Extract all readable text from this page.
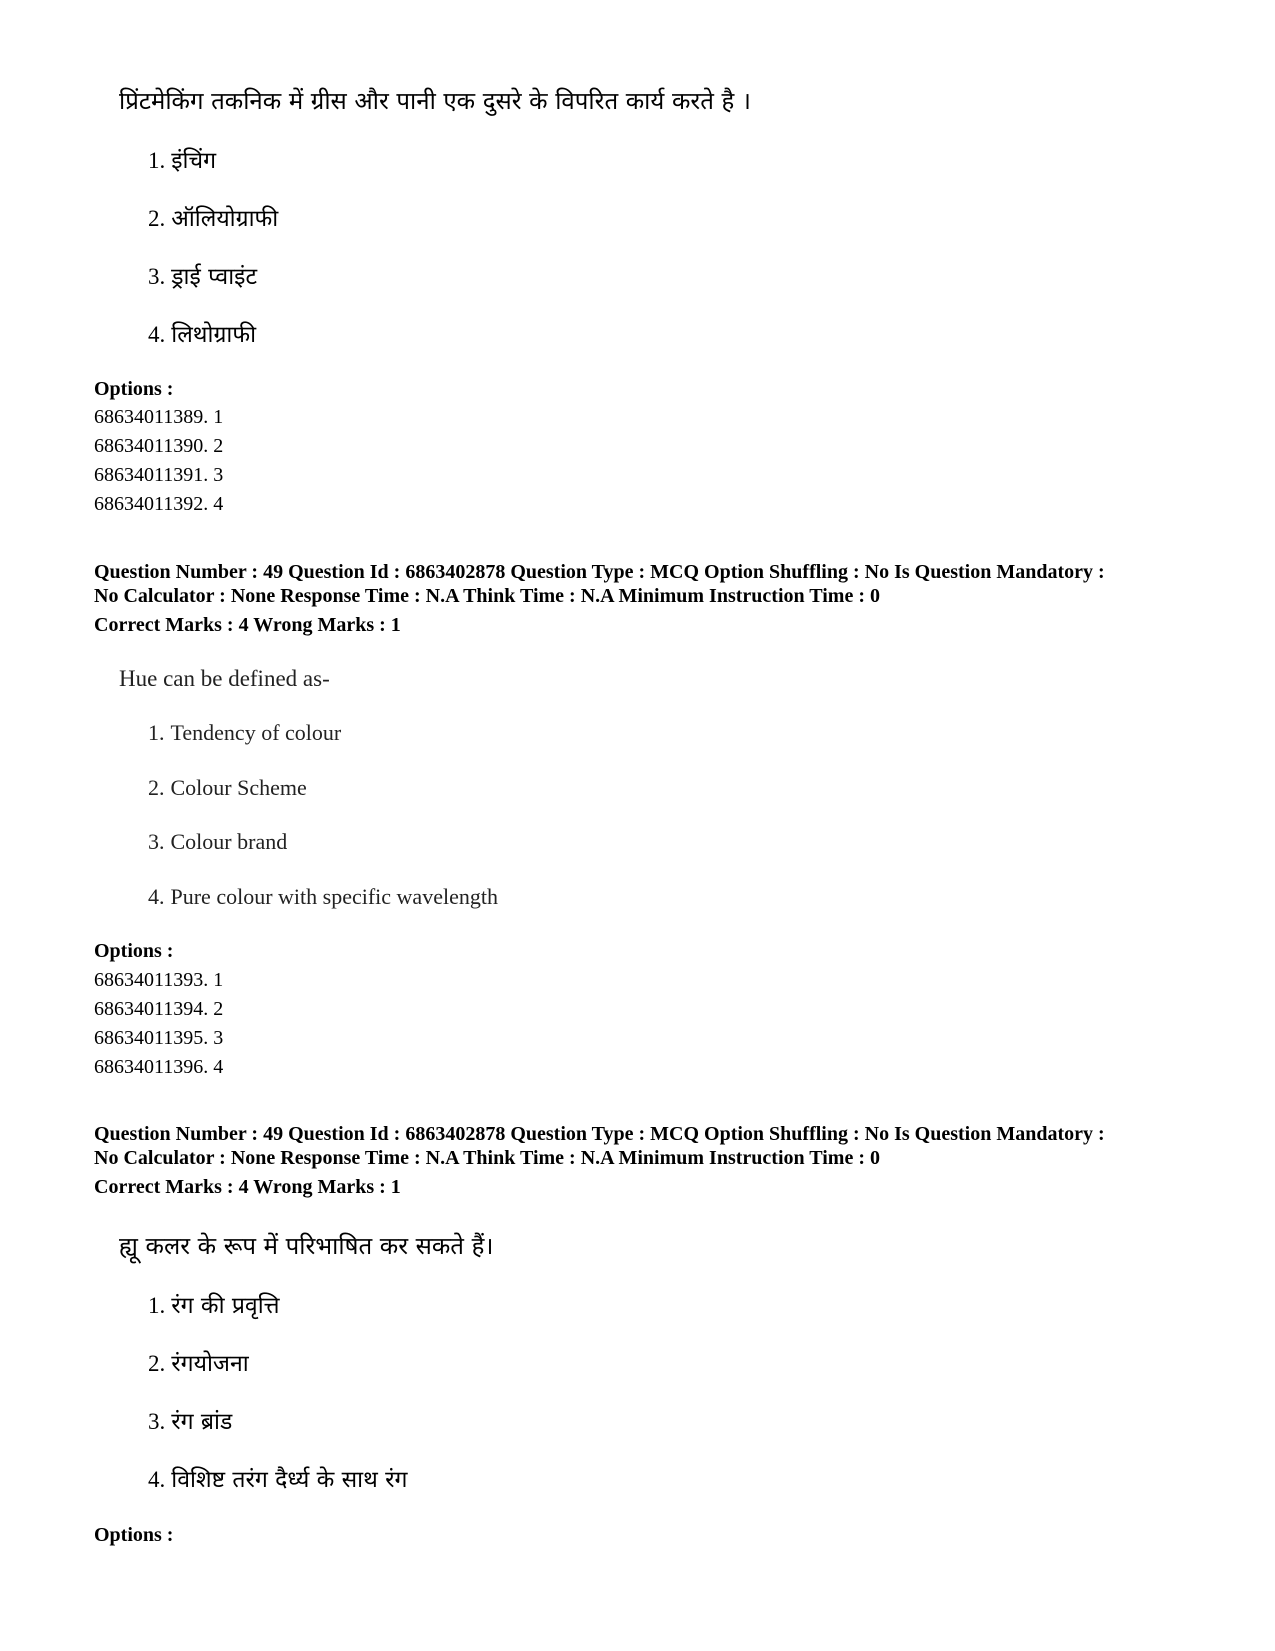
प्रिंटमेकिंग तकनिक में ग्रीस और पानी एक दुसरे के विपरित कार्य करते है ।
1. इंचिंग
2. ऑलियोग्राफी
3. ड्राई प्वाइंट
4. लिथोग्राफी
Options :
68634011389. 1
68634011390. 2
68634011391. 3
68634011392. 4
Question Number : 49 Question Id : 6863402878 Question Type : MCQ Option Shuffling : No Is Question Mandatory :
No Calculator : None Response Time : N.A Think Time : N.A Minimum Instruction Time : 0
Correct Marks : 4 Wrong Marks : 1
Hue can be defined as-
1. Tendency of colour
2. Colour Scheme
3. Colour brand
4. Pure colour with specific wavelength
Options :
68634011393. 1
68634011394. 2
68634011395. 3
68634011396. 4
Question Number : 49 Question Id : 6863402878 Question Type : MCQ Option Shuffling : No Is Question Mandatory :
No Calculator : None Response Time : N.A Think Time : N.A Minimum Instruction Time : 0
Correct Marks : 4 Wrong Marks : 1
ह्यू कलर के रूप में परिभाषित कर सकते हैं।
1. रंग की प्रवृत्ति
2. रंगयोजना
3. रंग ब्रांड
4. विशिष्ट तरंग दैर्ध्य के साथ रंग
Options :
